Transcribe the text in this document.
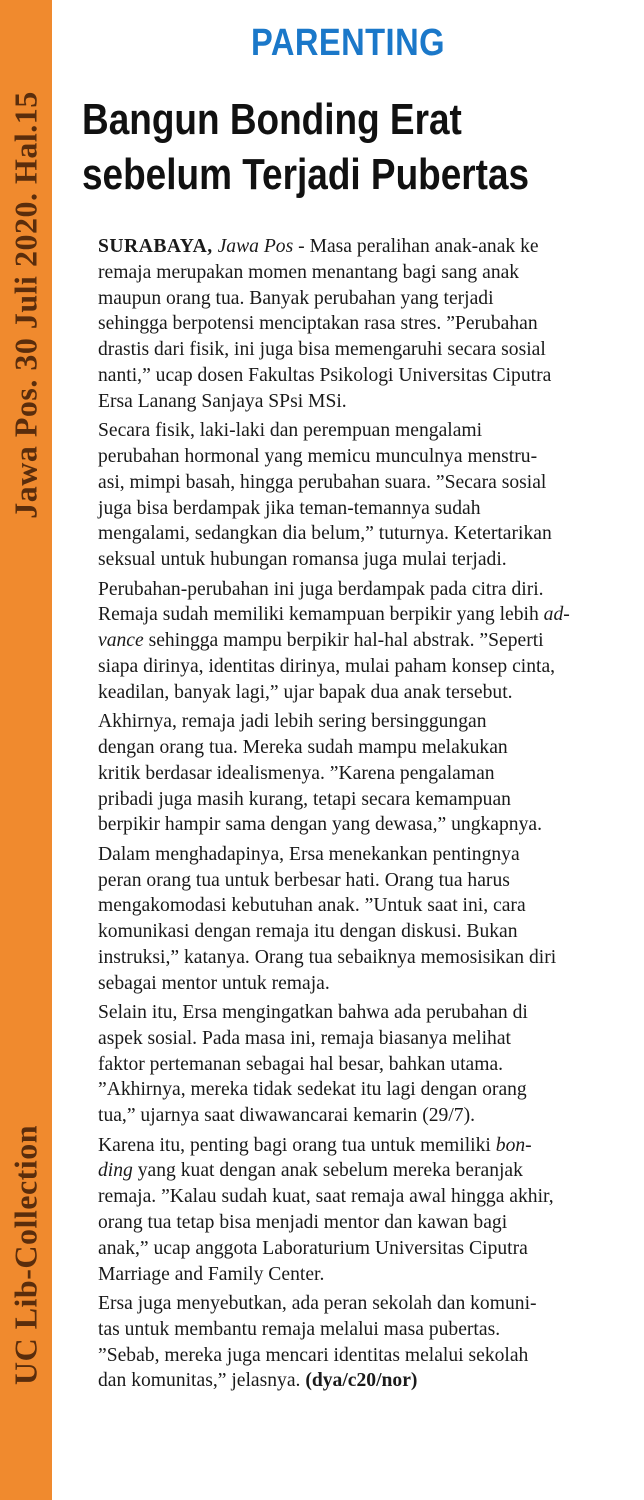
Jawa Pos. 30 Juli 2020. Hal.15
UC Lib-Collection
PARENTING
Bangun Bonding Erat
sebelum Terjadi Pubertas

SURABAYA, Jawa Pos - Masa peralihan anak-anak ke
remaja merupakan momen menantang bagi sang anak
maupun orang tua. Banyak perubahan yang terjadi
sehingga berpotensi menciptakan rasa stres. ”Perubahan
drastis dari fisik, ini juga bisa memengaruhi secara sosial
nanti,” ucap dosen Fakultas Psikologi Universitas Ciputra
Ersa Lanang Sanjaya SPsi MSi.

Secara fisik, laki-laki dan perempuan mengalami
perubahan hormonal yang memicu munculnya menstru-
asi, mimpi basah, hingga perubahan suara. ”Secara sosial
juga bisa berdampak jika teman-temannya sudah
mengalami, sedangkan dia belum,” tuturnya. Ketertarikan
seksual untuk hubungan romansa juga mulai terjadi.

Perubahan-perubahan ini juga berdampak pada citra diri.
Remaja sudah memiliki kemampuan berpikir yang lebih ad-
vance sehingga mampu berpikir hal-hal abstrak. ”Seperti
siapa dirinya, identitas dirinya, mulai paham konsep cinta,
keadilan, banyak lagi,” ujar bapak dua anak tersebut.

Akhirnya, remaja jadi lebih sering bersinggungan
dengan orang tua. Mereka sudah mampu melakukan
kritik berdasar idealismenya. ”Karena pengalaman
pribadi juga masih kurang, tetapi secara kemampuan
berpikir hampir sama dengan yang dewasa,” ungkapnya.

Dalam menghadapinya, Ersa menekankan pentingnya
peran orang tua untuk berbesar hati. Orang tua harus
mengakomodasi kebutuhan anak. ”Untuk saat ini, cara
komunikasi dengan remaja itu dengan diskusi. Bukan
instruksi,” katanya. Orang tua sebaiknya memosisikan diri
sebagai mentor untuk remaja.

Selain itu, Ersa mengingatkan bahwa ada perubahan di
aspek sosial. Pada masa ini, remaja biasanya melihat
faktor pertemanan sebagai hal besar, bahkan utama.
”Akhirnya, mereka tidak sedekat itu lagi dengan orang
tua,” ujarnya saat diwawancarai kemarin (29/7).

Karena itu, penting bagi orang tua untuk memiliki bon-
ding yang kuat dengan anak sebelum mereka beranjak
remaja. ”Kalau sudah kuat, saat remaja awal hingga akhir,
orang tua tetap bisa menjadi mentor dan kawan bagi
anak,” ucap anggota Laboraturium Universitas Ciputra
Marriage and Family Center.

Ersa juga menyebutkan, ada peran sekolah dan komuni-
tas untuk membantu remaja melalui masa pubertas.
”Sebab, mereka juga mencari identitas melalui sekolah
dan komunitas,” jelasnya. (dya/c20/nor)
